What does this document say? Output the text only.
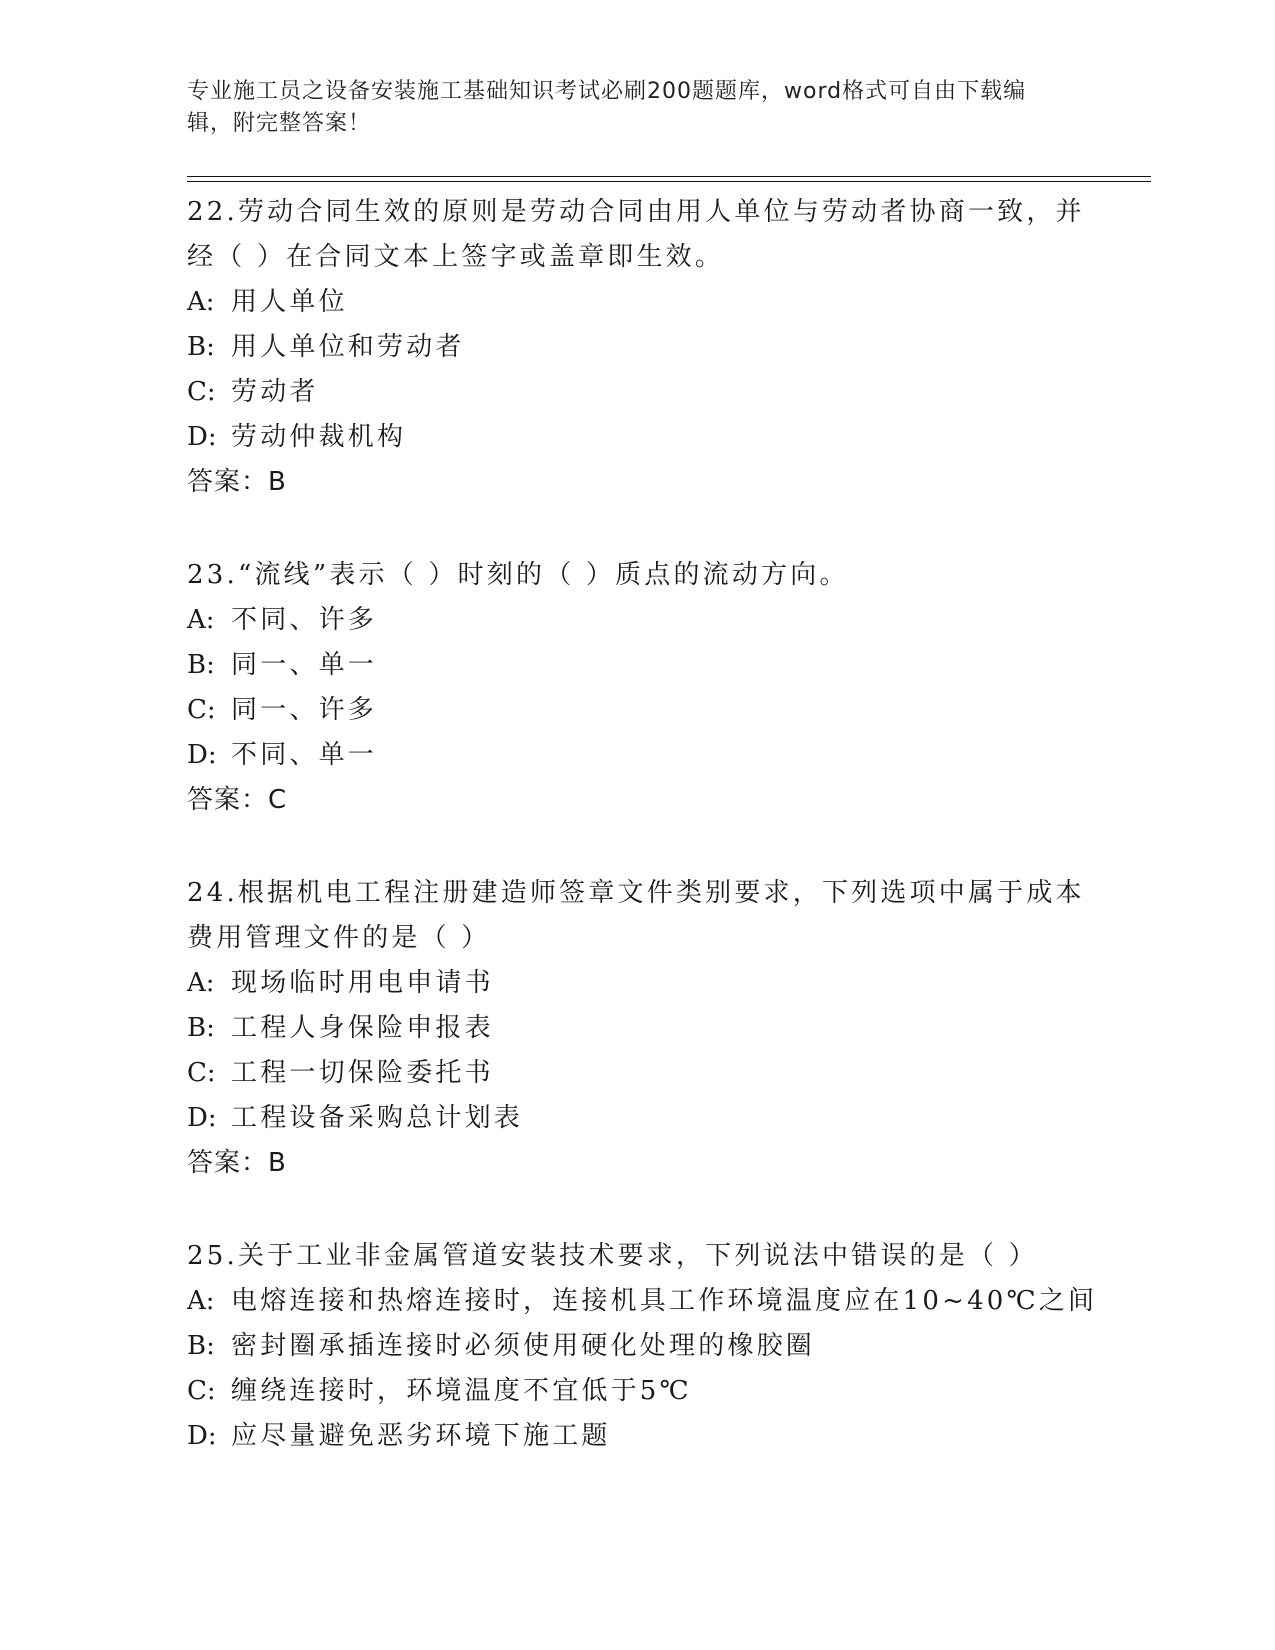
专业施工员之设备安装施工基础知识考试必刷200题题库，word格式可自由下载编辑，附完整答案！

22.劳动合同生效的原则是劳动合同由用人单位与劳动者协商一致，并经（ ）在合同文本上签字或盖章即生效。

A: 用人单位

B: 用人单位和劳动者

C: 劳动者

D: 劳动仲裁机构

答案：B

23.“流线”表示（ ）时刻的（ ）质点的流动方向。

A: 不同、许多

B: 同一、单一

C: 同一、许多

D: 不同、单一

答案：C

24.根据机电工程注册建造师签章文件类别要求，下列选项中属于成本费用管理文件的是（ ）

A: 现场临时用电申请书

B: 工程人身保险申报表

C: 工程一切保险委托书

D: 工程设备采购总计划表

答案：B

25.关于工业非金属管道安装技术要求，下列说法中错误的是（ ）

A: 电熔连接和热熔连接时，连接机具工作环境温度应在10~40℃之间

B: 密封圈承插连接时必须使用硬化处理的橡胶圈

C: 缠绕连接时，环境温度不宜低于5℃

D: 应尽量避免恶劣环境下施工题
